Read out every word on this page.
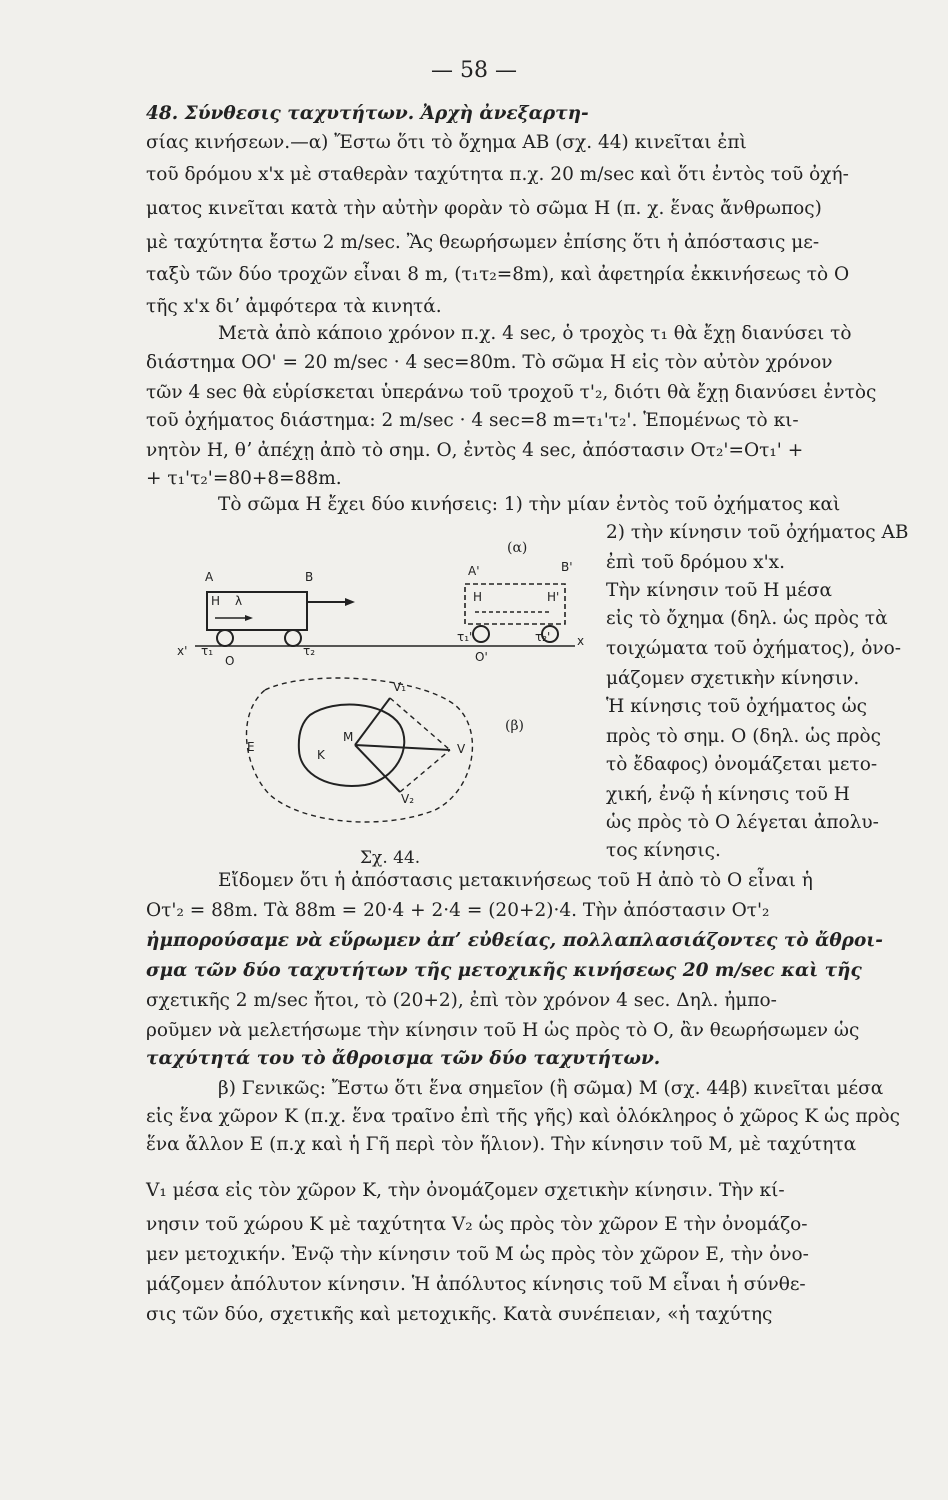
— 58 —
48. Σύνθεσις ταχυτήτων. Ἀρχὴ ἀνεξαρτη-
σίας κινήσεων.—α) Ἔστω ὅτι τὸ ὄχημα ΑΒ (σχ. 44) κινεῖται ἐπὶ
τοῦ δρόμου x'x μὲ σταθερὰν ταχύτητα π.χ. 20 m/sec καὶ ὅτι ἐντὸς τοῦ ὀχή-
ματος κινεῖται κατὰ τὴν αὐτὴν φορὰν τὸ σῶμα Η (π. χ. ἕνας ἄνθρωπος)
μὲ ταχύτητα ἔστω 2 m/sec. Ἂς θεωρήσωμεν ἐπίσης ὅτι ἡ ἀπόστασις με-
ταξὺ τῶν δύο τροχῶν εἶναι 8 m, (τ₁τ₂=8m), καὶ ἀφετηρία ἐκκινήσεως τὸ Ο
τῆς x'x διʼ ἀμφότερα τὰ κινητά.
Μετὰ ἀπὸ κάποιο χρόνον π.χ. 4 sec, ὁ τροχὸς τ₁ θὰ ἔχῃ διανύσει τὸ
διάστημα ΟΟ' = 20 m/sec · 4 sec=80m. Τὸ σῶμα Η εἰς τὸν αὐτὸν χρόνον
τῶν 4 sec θὰ εὑρίσκεται ὑπεράνω τοῦ τροχοῦ τ'₂, διότι θὰ ἔχῃ διανύσει ἐντὸς
τοῦ ὀχήματος διάστημα: 2 m/sec · 4 sec=8 m=τ₁'τ₂'. Ἑπομένως τὸ κι-
νητὸν Η, θʼ ἀπέχῃ ἀπὸ τὸ σημ. Ο, ἐντὸς 4 sec, ἀπόστασιν Οτ₂'=Οτ₁' +
+ τ₁'τ₂'=80+8=88m.
Τὸ σῶμα Η ἔχει δύο κινήσεις: 1) τὴν μίαν ἐντὸς τοῦ ὀχήματος καὶ
2) τὴν κίνησιν τοῦ ὀχήματος ΑΒ
ἐπὶ τοῦ δρόμου x'x.
Τὴν κίνησιν τοῦ Η μέσα
εἰς τὸ ὄχημα (δηλ. ὡς πρὸς τὰ
τοιχώματα τοῦ ὀχήματος), ὀνο-
μάζομεν σχετικὴν κίνησιν.
Ἡ κίνησις τοῦ ὀχήματος ὡς
πρὸς τὸ σημ. Ο (δηλ. ὡς πρὸς
τὸ ἔδαφος) ὀνομάζεται μετο-
χική, ἐνῷ ἡ κίνησις τοῦ Η
ὡς πρὸς τὸ Ο λέγεται ἀπολυ-
τος κίνησις.
Εἴδομεν ὅτι ἡ ἀπόστασις μετακινήσεως τοῦ Η ἀπὸ τὸ Ο εἶναι ἡ
Οτ'₂ = 88m. Τὰ 88m = 20·4 + 2·4 = (20+2)·4. Τὴν ἀπόστασιν Οτ'₂
ἠμπορούσαμε νὰ εὕρωμεν ἀπʼ εὐθείας, πολλαπλασιάζοντες τὸ ἄθροι-
σμα τῶν δύο ταχυτήτων τῆς μετοχικῆς κινήσεως 20 m/sec καὶ τῆς
σχετικῆς 2 m/sec ἤτοι, τὸ (20+2), ἐπὶ τὸν χρόνον 4 sec. Δηλ. ἠμπο-
ροῦμεν νὰ μελετήσωμε τὴν κίνησιν τοῦ Η ὡς πρὸς τὸ Ο, ἂν θεωρήσωμεν ὡς
ταχύτητά του τὸ ἄθροισμα τῶν δύο ταχυτήτων.
β) Γενικῶς: Ἔστω ὅτι ἕνα σημεῖον (ἢ σῶμα) Μ (σχ. 44β) κινεῖται μέσα
εἰς ἕνα χῶρον Κ (π.χ. ἕνα τραῖνο ἐπὶ τῆς γῆς) καὶ ὁλόκληρος ὁ χῶρος Κ ὡς πρὸς
ἕνα ἄλλον Ε (π.χ καὶ ἡ Γῆ περὶ τὸν ἥλιον). Τὴν κίνησιν τοῦ Μ, μὲ ταχύτητα
V₁ μέσα εἰς τὸν χῶρον Κ, τὴν ὀνομάζομεν σχετικὴν κίνησιν. Τὴν κί-
νησιν τοῦ χώρου Κ μὲ ταχύτητα V₂ ὡς πρὸς τὸν χῶρον Ε τὴν ὀνομάζο-
μεν μετοχικήν. Ἐνῷ τὴν κίνησιν τοῦ Μ ὡς πρὸς τὸν χῶρον Ε, τὴν ὀνο-
μάζομεν ἀπόλυτον κίνησιν. Ἡ ἀπόλυτος κίνησις τοῦ Μ εἶναι ἡ σύνθε-
σις τῶν δύο, σχετικῆς καὶ μετοχικῆς. Κατὰ συνέπειαν, «ἡ ταχύτης
Α	Β	Α'	Β'
Η λ	Η	Η'
τ₁	τ₂
τ₁'	τ₂'
x'
x
Ο	Ο'
V₁
V₂
Ε
Κ
Μ
V
(α)
(β)
Σχ. 44.
